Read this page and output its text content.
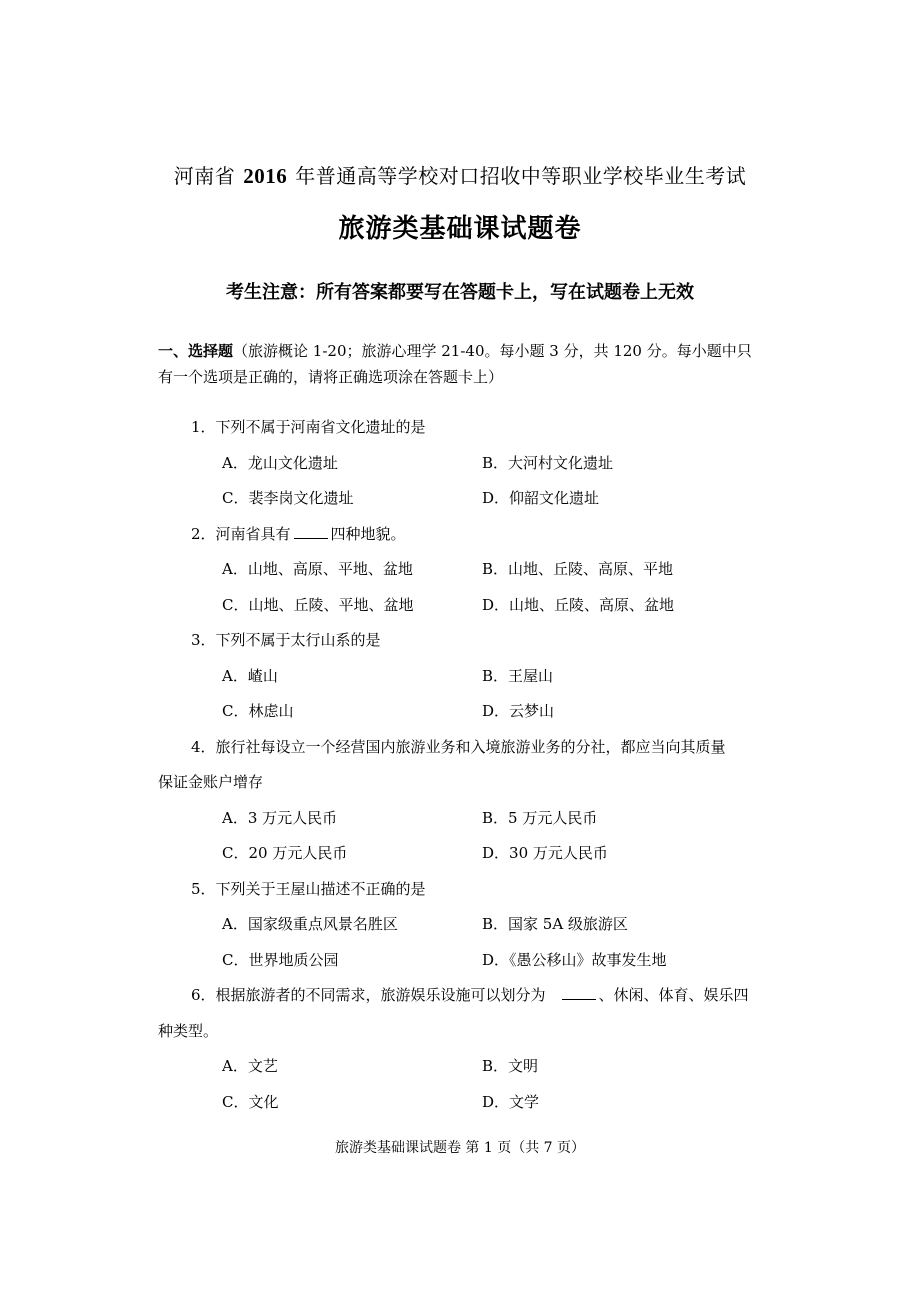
河南省 2016 年普通高等学校对口招收中等职业学校毕业生考试
旅游类基础课试题卷
考生注意：所有答案都要写在答题卡上，写在试题卷上无效
一、选择题（旅游概论 1-20；旅游心理学 21-40。每小题 3 分，共 120 分。每小题中只
有一个选项是正确的，请将正确选项涂在答题卡上）
1．下列不属于河南省文化遗址的是
A．龙山文化遗址	B．大河村文化遗址
C．裴李岗文化遗址	D．仰韶文化遗址
2．河南省具有	四种地貌。
A．山地、高原、平地、盆地	B．山地、丘陵、高原、平地
C．山地、丘陵、平地、盆地	D．山地、丘陵、高原、盆地
3．下列不属于太行山系的是
A．嵖山	B．王屋山
C．林虑山	D．云梦山
4．旅行社每设立一个经营国内旅游业务和入境旅游业务的分社，都应当向其质量
保证金账户增存
A．3 万元人民币	B．5 万元人民币
C．20 万元人民币	D．30 万元人民币
5．下列关于王屋山描述不正确的是
A．国家级重点风景名胜区	B．国家 5A 级旅游区
C．世界地质公园	D．《愚公移山》故事发生地
6．根据旅游者的不同需求，旅游娱乐设施可以划分为	、休闲、体育、娱乐四
种类型。
A．文艺	B．文明
C．文化	D．文学
旅游类基础课试题卷 第 1 页（共 7 页）
